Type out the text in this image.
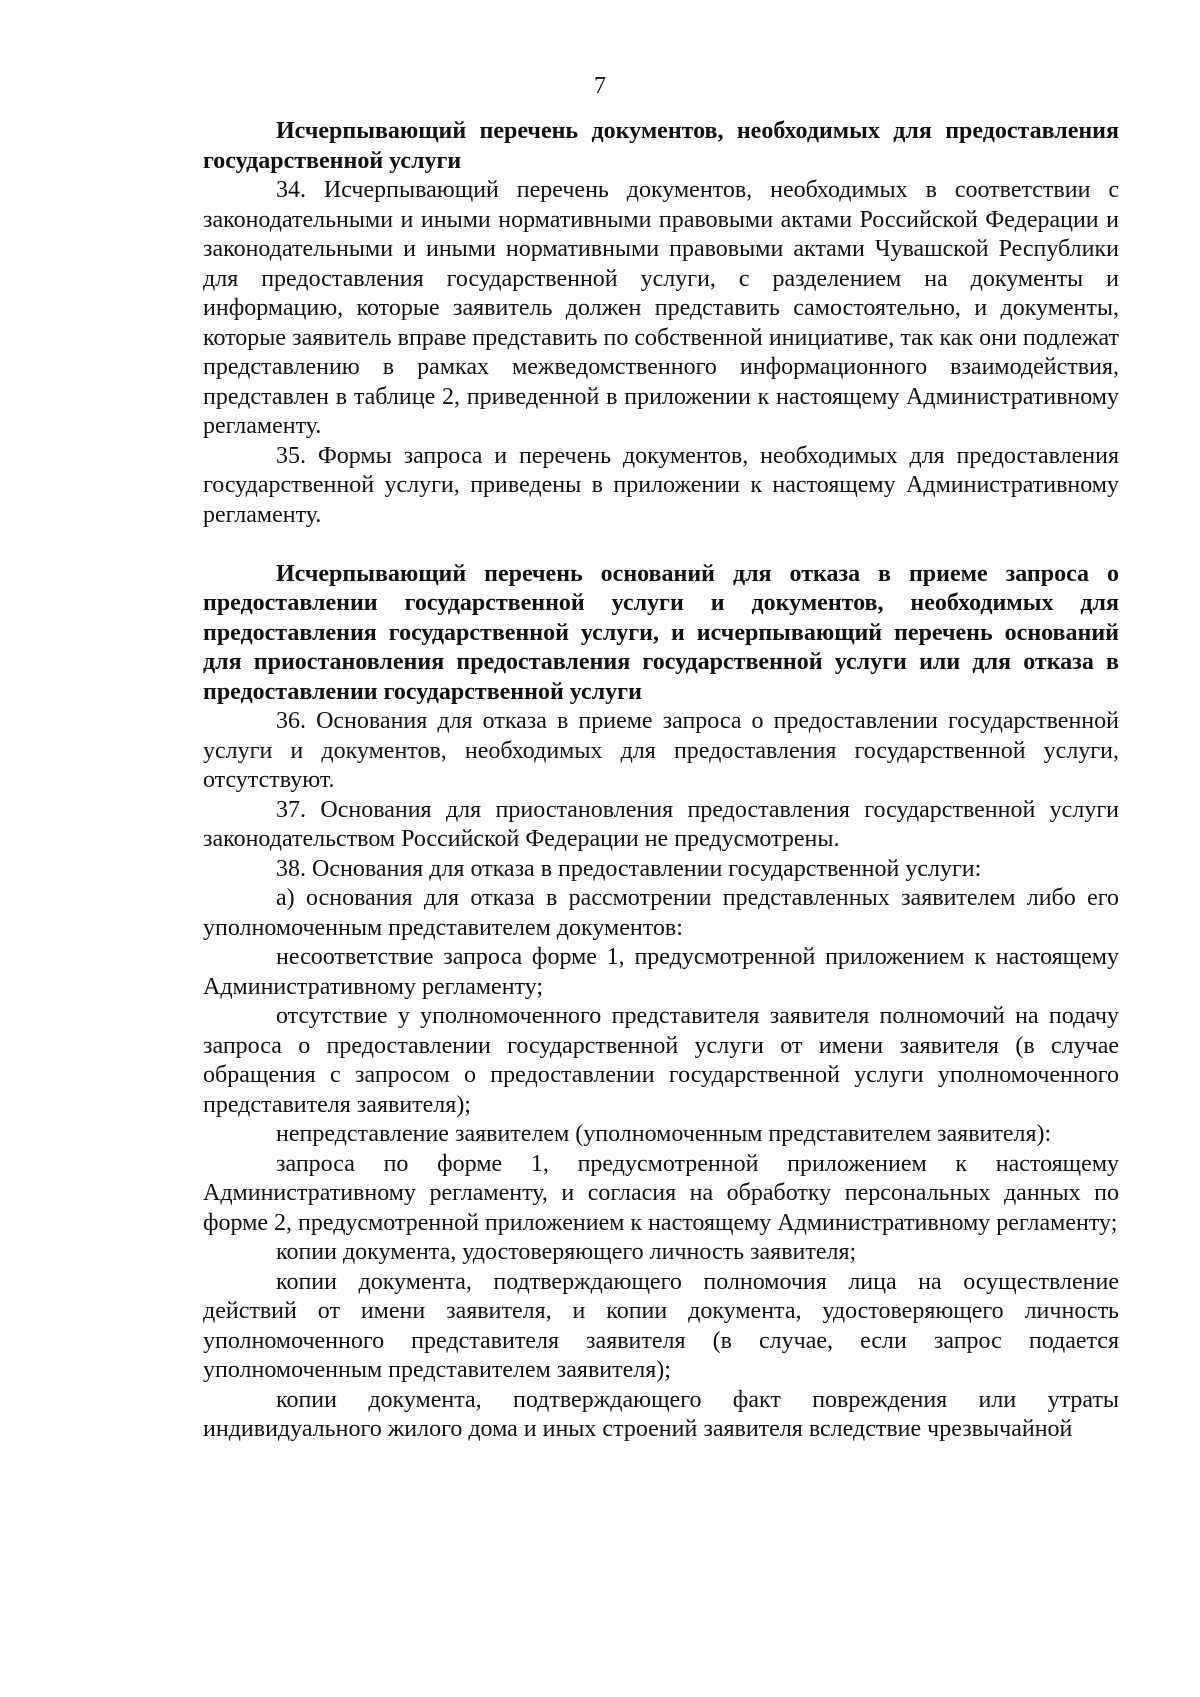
7

Исчерпывающий перечень документов, необходимых для предоставления государственной услуги

34. Исчерпывающий перечень документов, необходимых в соответствии с законодательными и иными нормативными правовыми актами Российской Федерации и законодательными и иными нормативными правовыми актами Чувашской Республики для предоставления государственной услуги, с разделением на документы и информацию, которые заявитель должен представить самостоятельно, и документы, которые заявитель вправе представить по собственной инициативе, так как они подлежат представлению в рамках межведомственного информационного взаимодействия, представлен в таблице 2, приведенной в приложении к настоящему Административному регламенту.

35. Формы запроса и перечень документов, необходимых для предоставления государственной услуги, приведены в приложении к настоящему Административному регламенту.

Исчерпывающий перечень оснований для отказа в приеме запроса о предоставлении государственной услуги и документов, необходимых для предоставления государственной услуги, и исчерпывающий перечень оснований для приостановления предоставления государственной услуги или для отказа в предоставлении государственной услуги

36. Основания для отказа в приеме запроса о предоставлении государственной услуги и документов, необходимых для предоставления государственной услуги, отсутствуют.

37. Основания для приостановления предоставления государственной услуги законодательством Российской Федерации не предусмотрены.

38. Основания для отказа в предоставлении государственной услуги:

а) основания для отказа в рассмотрении представленных заявителем либо его уполномоченным представителем документов:

несоответствие запроса форме 1, предусмотренной приложением к настоящему Административному регламенту;

отсутствие у уполномоченного представителя заявителя полномочий на подачу запроса о предоставлении государственной услуги от имени заявителя (в случае обращения с запросом о предоставлении государственной услуги уполномоченного представителя заявителя);

непредставление заявителем (уполномоченным представителем заявителя):

запроса по форме 1, предусмотренной приложением к настоящему Административному регламенту, и согласия на обработку персональных данных по форме 2, предусмотренной приложением к настоящему Административному регламенту;

копии документа, удостоверяющего личность заявителя;

копии документа, подтверждающего полномочия лица на осуществление действий от имени заявителя, и копии документа, удостоверяющего личность уполномоченного представителя заявителя (в случае, если запрос подается уполномоченным представителем заявителя);

копии документа, подтверждающего факт повреждения или утраты индивидуального жилого дома и иных строений заявителя вследствие чрезвычайной
